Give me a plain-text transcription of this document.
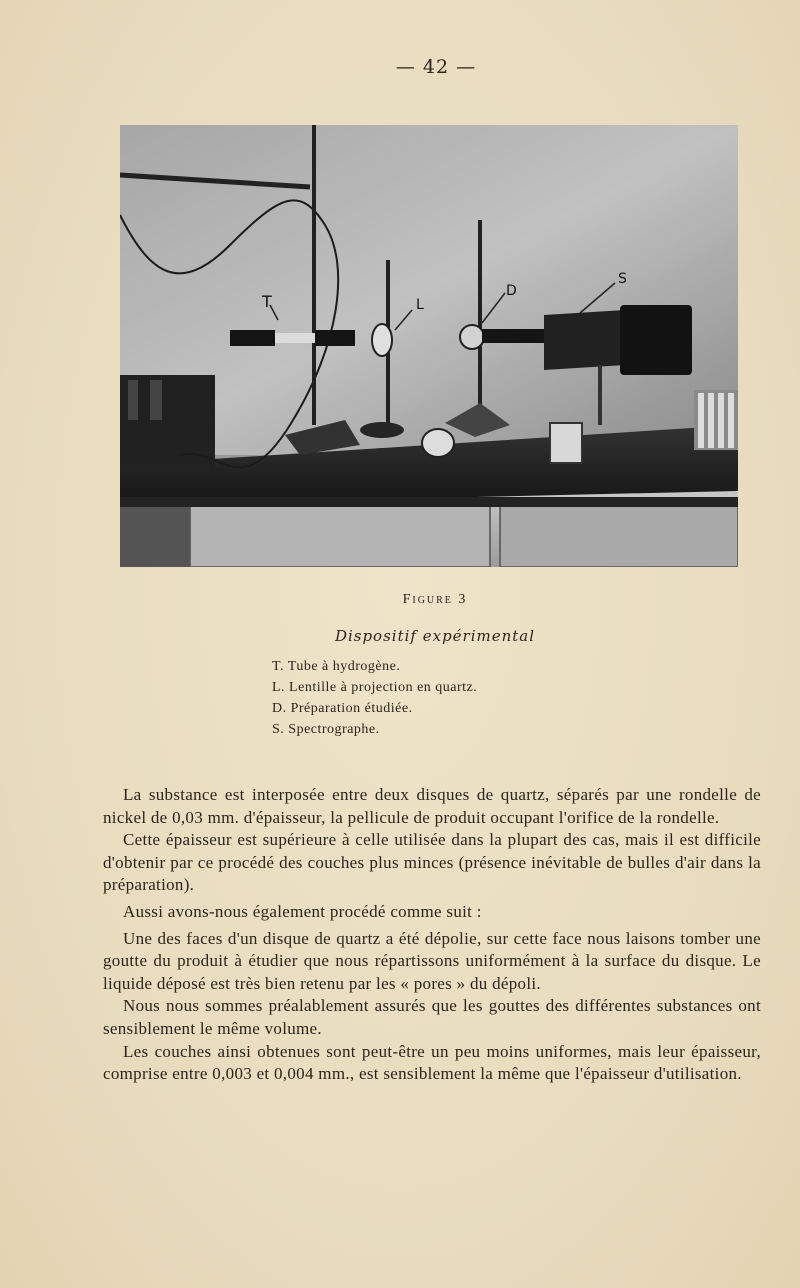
— 42 —
T	L
D
S
Figure 3
Dispositif expérimental
T. Tube à hydrogène.
L. Lentille à projection en quartz.
D. Préparation étudiée.
S. Spectrographe.

La substance est interposée entre deux disques de quartz, séparés par une rondelle de nickel de 0,03 mm. d'épaisseur, la pellicule de produit occupant l'orifice de la rondelle.

Cette épaisseur est supérieure à celle utilisée dans la plupart des cas, mais il est difficile d'obtenir par ce procédé des couches plus minces (présence inévitable de bulles d'air dans la préparation).

Aussi avons-nous également procédé comme suit :

Une des faces d'un disque de quartz a été dépolie, sur cette face nous laisons tomber une goutte du produit à étudier que nous répartissons uniformément à la surface du disque. Le liquide déposé est très bien retenu par les « pores » du dépoli.

Nous nous sommes préalablement assurés que les gouttes des différentes substances ont sensiblement le même volume.

Les couches ainsi obtenues sont peut-être un peu moins uniformes, mais leur épaisseur, comprise entre 0,003 et 0,004 mm., est sensiblement la même que l'épaisseur d'utilisation.
